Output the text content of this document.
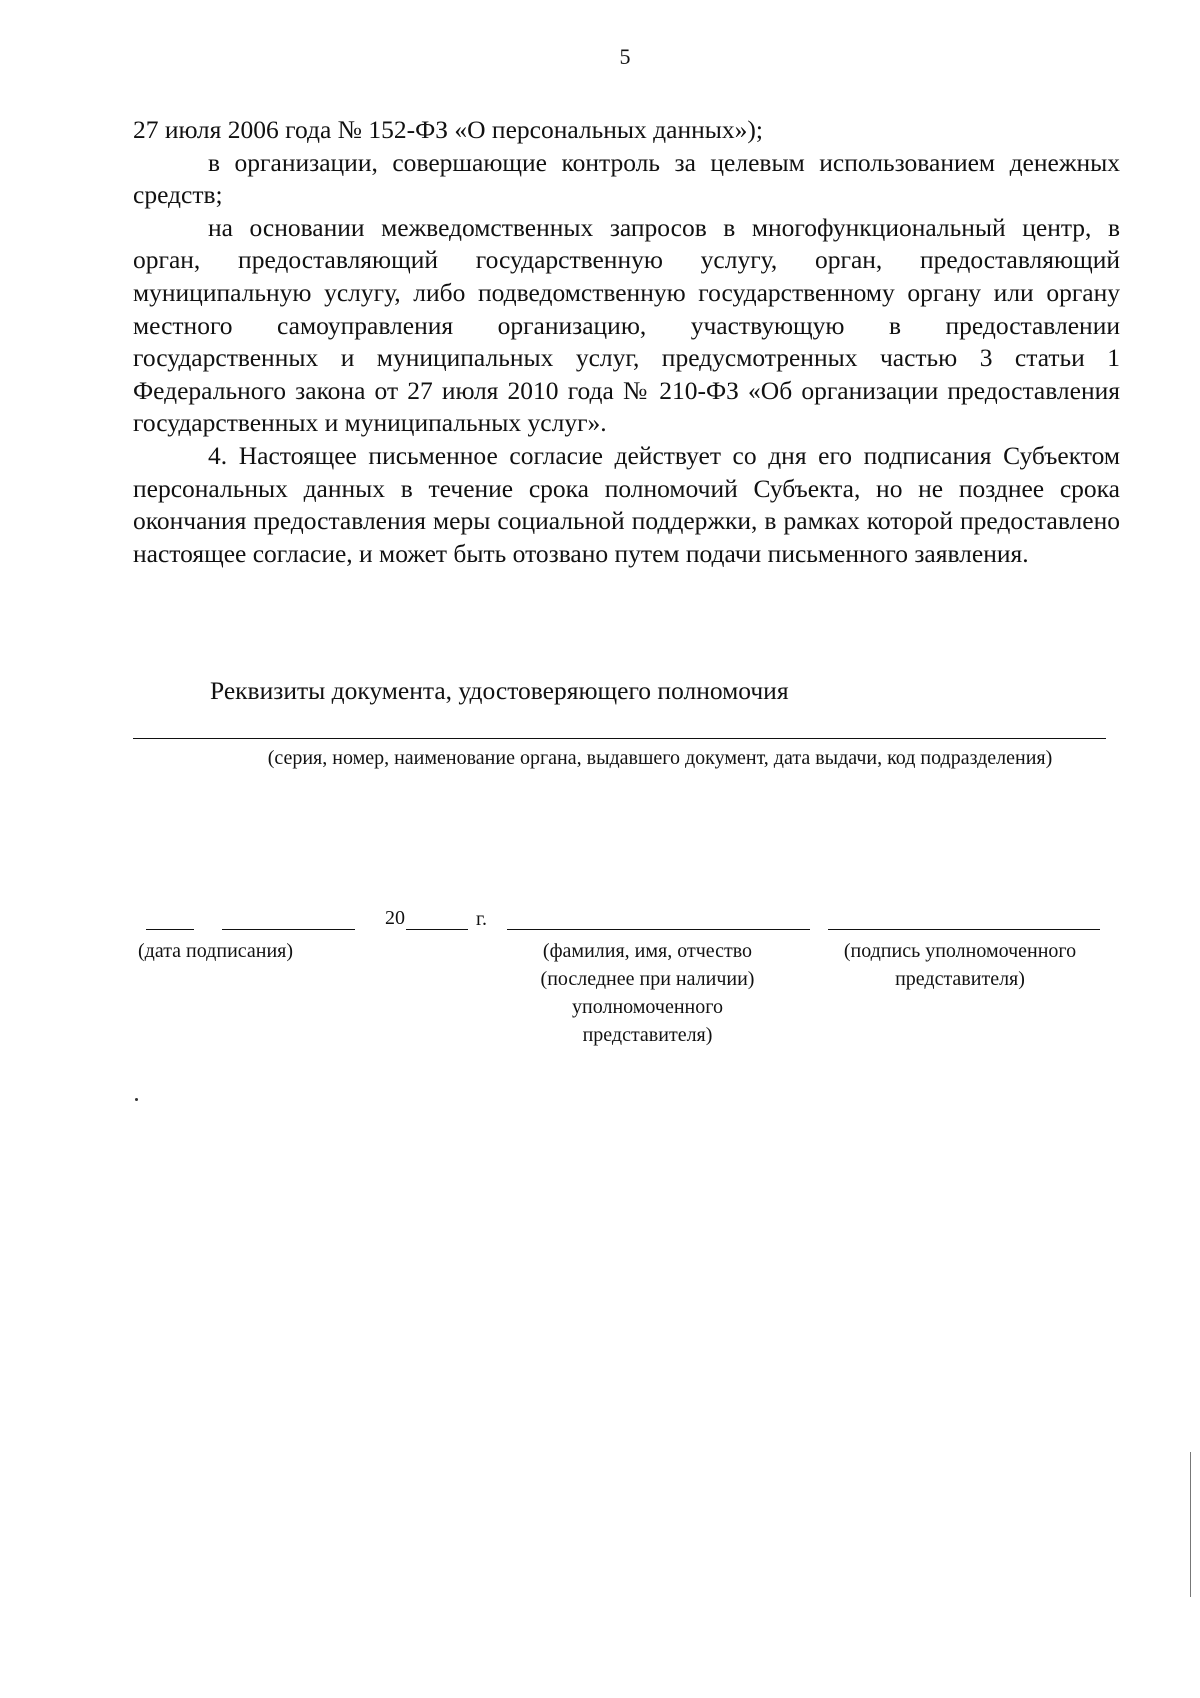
5

27 июля 2006 года № 152-ФЗ «О персональных данных»);

в организации, совершающие контроль за целевым использованием денежных средств;

на основании межведомственных запросов в многофункциональный центр, в орган, предоставляющий государственную услугу, орган, предоставляющий муниципальную услугу, либо подведомственную государственному органу или органу местного самоуправления организацию, участвующую в предоставлении государственных и муниципальных услуг, предусмотренных частью 3 статьи 1 Федерального закона от 27 июля 2010 года № 210-ФЗ «Об организации предоставления государственных и муниципальных услуг».

4. Настоящее письменное согласие действует со дня его подписания Субъектом персональных данных в течение срока полномочий Субъекта, но не позднее срока окончания предоставления меры социальной поддержки, в рамках которой предоставлено настоящее согласие, и может быть отозвано путем подачи письменного заявления.

Реквизиты документа, удостоверяющего полномочия
(серия, номер, наименование органа, выдавшего документ, дата выдачи, код подразделения)
20	г.
(дата подписания)	(фамилия, имя, отчество (последнее при наличии) уполномоченного представителя)
(подпись уполномоченного представителя)
